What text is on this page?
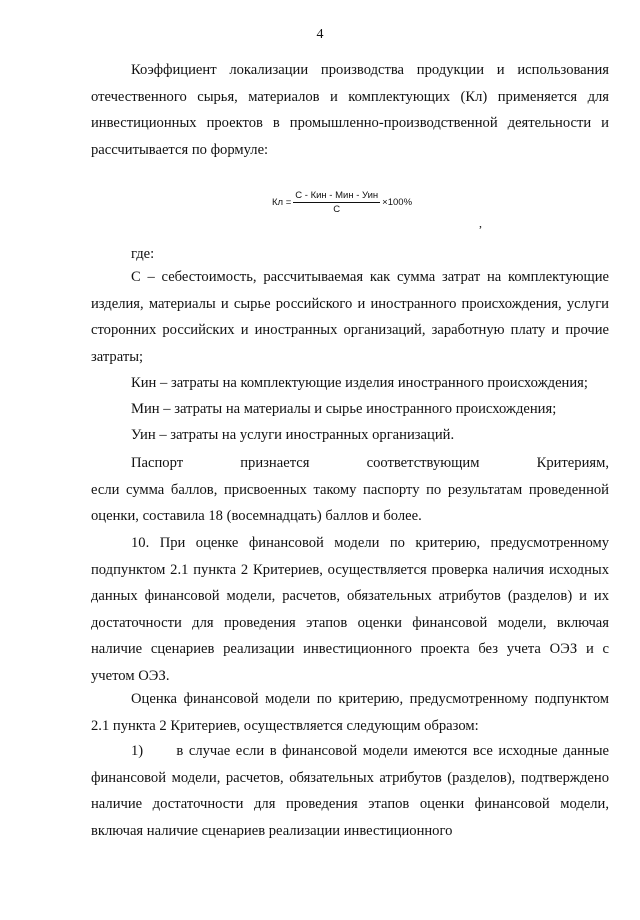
4

Коэффициент локализации производства продукции и использования отечественного сырья, материалов и комплектующих (Кл) применяется для инвестиционных проектов в промышленно-производственной деятельности и рассчитывается по формуле:

Кл = $\frac{\text{С - Кин - Мин - Уин}}{С} \times 100\%$
,

где:

С – себестоимость, рассчитываемая как сумма затрат на комплектующие изделия, материалы и сырье российского и иностранного происхождения, услуги сторонних российских и иностранных организаций, заработную плату и прочие затраты;

Кин – затраты на комплектующие изделия иностранного происхождения;

Мин – затраты на материалы и сырье иностранного происхождения;

Уин – затраты на услуги иностранных организаций.

Паспорт	признается	соответствующим	Критериям,
если сумма баллов, присвоенных такому паспорту по результатам проведенной оценки, составила 18 (восемнадцать) баллов и более.

10. При оценке финансовой модели по критерию, предусмотренному подпунктом 2.1 пункта 2 Критериев, осуществляется проверка наличия исходных данных финансовой модели, расчетов, обязательных атрибутов (разделов) и их достаточности для проведения этапов оценки финансовой модели, включая наличие сценариев реализации инвестиционного проекта без учета ОЭЗ и с учетом ОЭЗ.

Оценка финансовой модели по критерию, предусмотренному подпунктом 2.1 пункта 2 Критериев, осуществляется следующим образом:

1)      в случае если в финансовой модели имеются все исходные данные финансовой модели, расчетов, обязательных атрибутов (разделов), подтверждено наличие достаточности для проведения этапов оценки финансовой модели, включая наличие сценариев реализации инвестиционного
